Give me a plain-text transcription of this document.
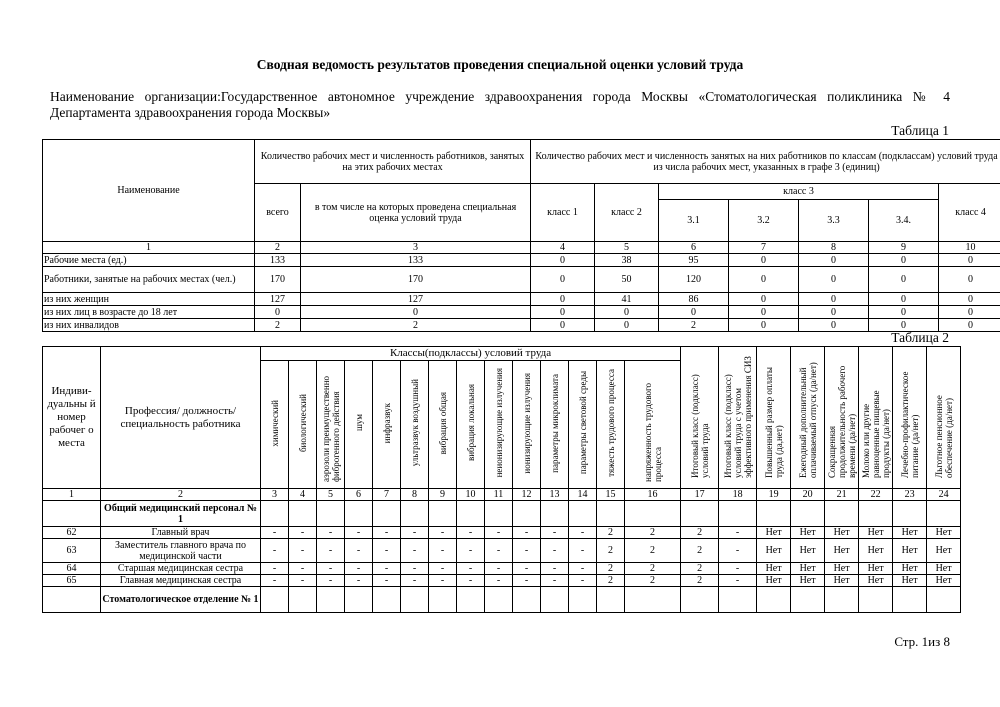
Сводная ведомость результатов проведения специальной оценки условий труда
Наименование организации:Государственное автономное учреждение здравоохранения города Москвы «Стоматологическая поликлиника № 4 Департамента здравоохранения города Москвы»
Таблица 1
Наименование	Количество рабочих мест и численность работников, занятых на этих рабочих местах		Количество рабочих мест и численность занятых на них работников по классам (подклассам) условий труда из числа рабочих мест, указанных в графе 3 (единиц)						
	всего	в том числе на которых проведена специальная оценка условий труда	класс 1	класс 2	класс 3				класс 4
					3.1	3.2	3.3	3.4.	
1	2	3	4	5	6	7	8	9	10
Рабочие места (ед.)	133	133	0	38	95	0	0	0	0
Работники, занятые на рабочих местах (чел.)	170	170	0	50	120	0	0	0	0
из них женщин	127	127	0	41	86	0	0	0	0
из них лиц в возрасте до 18 лет	0	0	0	0	0	0	0	0	0
из них инвалидов	2	2	0	0	2	0	0	0	0
Таблица 2
Индиви-дуальны й номер рабочег о места	Профессия/ должность/ специальность работника	Классы(подклассы) условий труда														Итоговый класс (подкласс) условий труда	Итоговый класс (подкласс) условий труда с учетом эффективного применения СИЗ	Повышенный размер оплаты труда (да,нет)	Ежегодный дополнительный оплачиваемый отпуск (да/нет)	Сокращенная продолжительность рабочего времени (да/нет)	Молоко или другие равноценные пищевые продукты (да/нет)	Лечебно-профилактическое питание (да/нет)	Льготное пенсионное обеспечение (да/нет)
		химический	биологический	аэрозоли преимущественно фиброгенного действия	шум	инфразвук	ультразвук воздушный	вибрация общая	вибрация локальная	неионизирующие излучения	ионизирующие излучения	параметры микроклимата	параметры световой среды	тяжесть трудового процесса	напряженность трудового процесса								
1	2	3	4	5	6	7	8	9	10	11	12	13	14	15	16	17	18	19	20	21	22	23	24
	Общий медицинский персонал № 1																						
62	Главный врач	-	-	-	-	-	-	-	-	-	-	-	-	2	2	2	-	Нет	Нет	Нет	Нет	Нет	Нет
63	Заместитель главного врача по медицинской части	-	-	-	-	-	-	-	-	-	-	-	-	2	2	2	-	Нет	Нет	Нет	Нет	Нет	Нет
64	Старшая медицинская сестра	-	-	-	-	-	-	-	-	-	-	-	-	2	2	2	-	Нет	Нет	Нет	Нет	Нет	Нет
65	Главная медицинская сестра	-	-	-	-	-	-	-	-	-	-	-	-	2	2	2	-	Нет	Нет	Нет	Нет	Нет	Нет
	Стоматологическое отделение № 1																						
Стр. 1из 8
